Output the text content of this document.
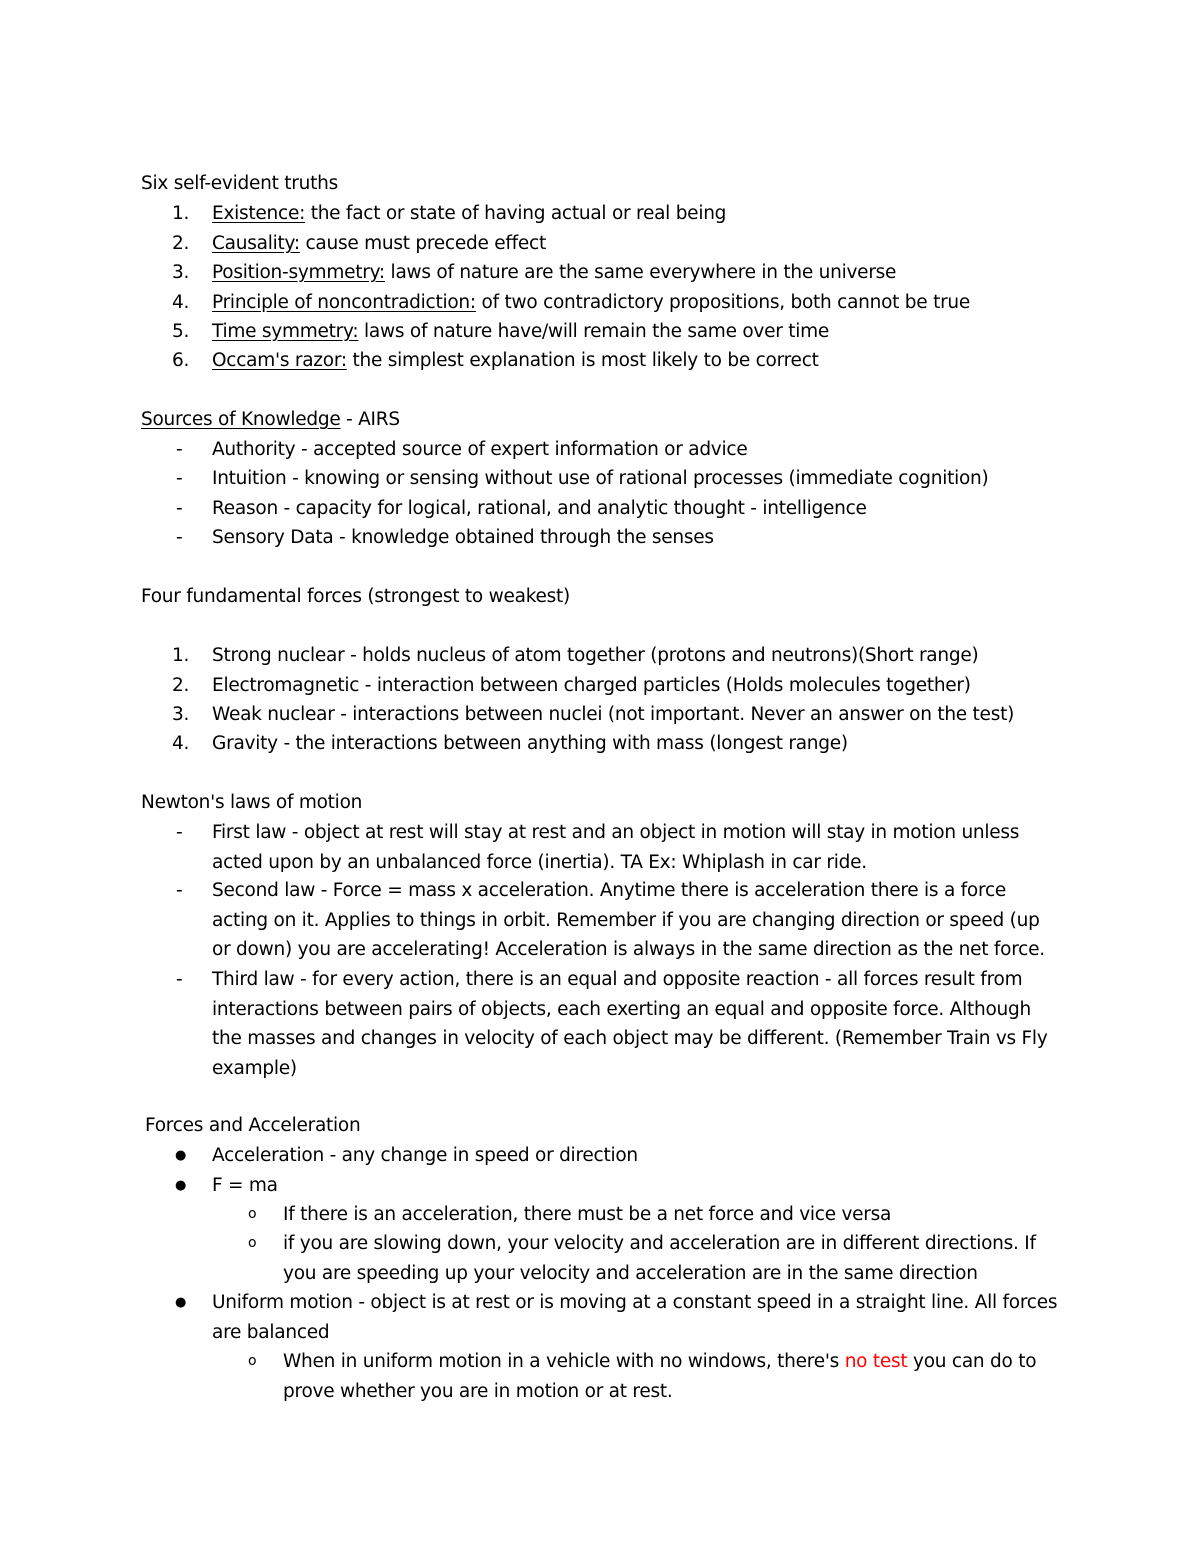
Six self-evident truths
1. Existence: the fact or state of having actual or real being
2. Causality: cause must precede effect
3. Position-symmetry: laws of nature are the same everywhere in the universe
4. Principle of noncontradiction: of two contradictory propositions, both cannot be true
5. Time symmetry: laws of nature have/will remain the same over time
6. Occam's razor: the simplest explanation is most likely to be correct
Sources of Knowledge - AIRS
- Authority - accepted source of expert information or advice
- Intuition - knowing or sensing without use of rational processes (immediate cognition)
- Reason - capacity for logical, rational, and analytic thought - intelligence
- Sensory Data - knowledge obtained through the senses
Four fundamental forces (strongest to weakest)
1. Strong nuclear - holds nucleus of atom together (protons and neutrons)(Short range)
2. Electromagnetic - interaction between charged particles (Holds molecules together)
3. Weak nuclear - interactions between nuclei (not important. Never an answer on the test)
4. Gravity - the interactions between anything with mass (longest range)
Newton's laws of motion
- First law - object at rest will stay at rest and an object in motion will stay in motion unless acted upon by an unbalanced force (inertia). TA Ex: Whiplash in car ride.
- Second law - Force = mass x acceleration. Anytime there is acceleration there is a force acting on it. Applies to things in orbit. Remember if you are changing direction or speed (up or down) you are accelerating! Acceleration is always in the same direction as the net force.
- Third law - for every action, there is an equal and opposite reaction - all forces result from interactions between pairs of objects, each exerting an equal and opposite force. Although the masses and changes in velocity of each object may be different. (Remember Train vs Fly example)
Forces and Acceleration
● Acceleration - any change in speed or direction
● F = ma
o If there is an acceleration, there must be a net force and vice versa
o if you are slowing down, your velocity and acceleration are in different directions. If you are speeding up your velocity and acceleration are in the same direction
● Uniform motion - object is at rest or is moving at a constant speed in a straight line. All forces are balanced
o When in uniform motion in a vehicle with no windows, there's no test you can do to prove whether you are in motion or at rest.
